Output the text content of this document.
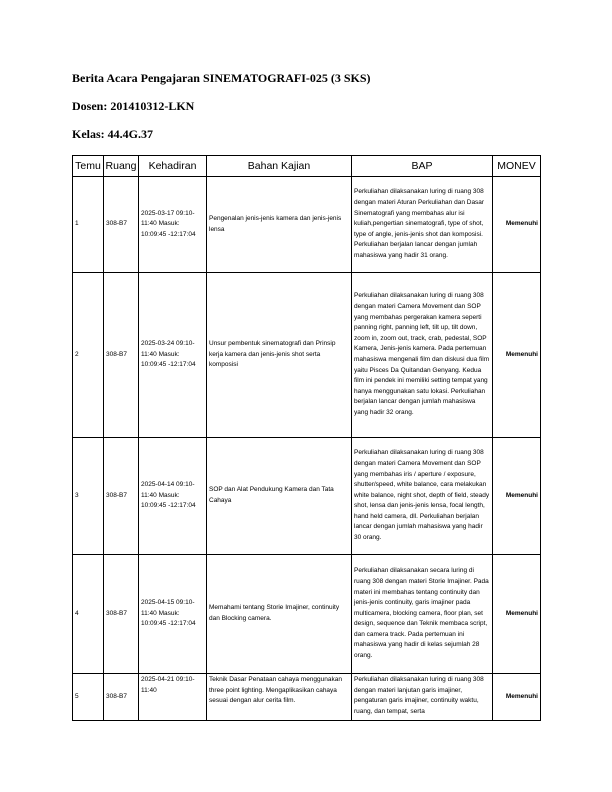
Berita Acara Pengajaran SINEMATOGRAFI-025 (3 SKS)
Dosen: 201410312-LKN
Kelas: 44.4G.37
Temu	Ruang	Kehadiran	Bahan Kajian	BAP	MONEV
1	308-B7	2025-03-17 09:10-11:40 Masuk: 10:09:45 -12:17:04	Pengenalan jenis-jenis kamera dan jenis-jenis lensa	Perkuliahan dilaksanakan luring di ruang 308 dengan materi Aturan Perkuliahan dan Dasar Sinematografi yang membahas alur isi kuliah,pengertian sinematografi, type of shot, type of angle, jenis-jenis shot dan komposisi. Perkuliahan berjalan lancar dengan jumlah mahasiswa yang hadir 31 orang.	Memenuhi
2	308-B7	2025-03-24 09:10-11:40 Masuk: 10:09:45 -12:17:04	Unsur pembentuk sinematografi dan Prinsip kerja kamera dan jenis-jenis shot serta komposisi	Perkuliahan dilaksanakan luring di ruang 308 dengan materi Camera Movement dan SOP yang membahas pergerakan kamera seperti panning right, panning left, tilt up, tilt down, zoom in, zoom out, track, crab, pedestal, SOP Kamera, Jenis-jenis kamera. Pada pertemuan mahasiswa mengenali film dan diskusi dua film yaitu Pisces Da Quitandan Genyang. Kedua film ini pendek ini memiliki setting tempat yang hanya menggunakan satu lokasi. Perkuliahan berjalan lancar dengan jumlah mahasiswa yang hadir 32 orang.	Memenuhi
3	308-B7	2025-04-14 09:10-11:40 Masuk: 10:09:45 -12:17:04	SOP dan Alat Pendukung Kamera dan Tata Cahaya	Perkuliahan dilaksanakan luring di ruang 308 dengan materi Camera Movement dan SOP yang membahas iris / aperture / exposure, shutter/speed, white balance, cara melakukan white balance, night shot, depth of field, steady shot, lensa dan jenis-jenis lensa, focal length, hand held camera, dll. Perkuliahan berjalan lancar dengan jumlah mahasiswa yang hadir 30 orang.	Memenuhi
4	308-B7	2025-04-15 09:10-11:40 Masuk: 10:09:45 -12:17:04	Memahami tentang Storie Imajiner, continuity dan Blocking camera.	Perkuliahan dilaksanakan secara luring di ruang 308 dengan materi Storie Imajiner. Pada materi ini membahas tentang continuity dan jenis-jenis continuity, garis imajiner pada multicamera, blocking camera, floor plan, set design, sequence dan Teknik membaca script, dan camera track. Pada pertemuan ini mahasiswa yang hadir di kelas sejumlah 28 orang.	Memenuhi
5	308-B7	2025-04-21 09:10-11:40	Teknik Dasar Penataan cahaya menggunakan three point lighting. Mengaplikasikan cahaya sesuai dengan alur cerita film.	Perkuliahan dilaksanakan luring di ruang 308 dengan materi lanjutan garis imajiner, pengaturan garis imajiner, continuity waktu, ruang, dan tempat, serta	Memenuhi
